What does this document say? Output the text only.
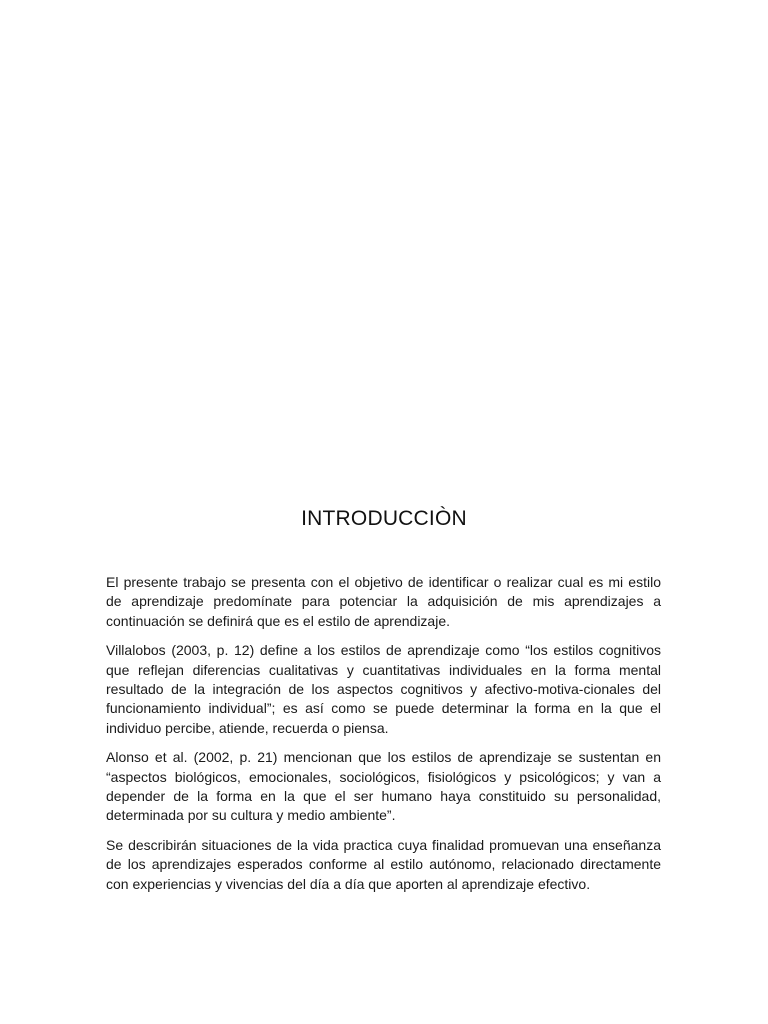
INTRODUCCIÒN

El presente trabajo se presenta con el objetivo de identificar o realizar cual es mi estilo de aprendizaje predomínate para potenciar la adquisición de mis aprendizajes a continuación se definirá que es el estilo de aprendizaje.

Villalobos (2003, p. 12) define a los estilos de aprendizaje como “los estilos cognitivos que reflejan diferencias cualitativas y cuantitativas individuales en la forma mental resultado de la integración de los aspectos cognitivos y afectivo-motiva-cionales del funcionamiento individual”; es así como se puede determinar la forma en la que el individuo percibe, atiende, recuerda o piensa.

Alonso et al. (2002, p. 21) mencionan que los estilos de aprendizaje se sustentan en “aspectos biológicos, emocionales, sociológicos, fisiológicos y psicológicos; y van a depender de la forma en la que el ser humano haya constituido su personalidad, determinada por su cultura y medio ambiente”.

Se describirán situaciones de la vida practica cuya finalidad promuevan una enseñanza de los aprendizajes esperados conforme al estilo autónomo, relacionado directamente con experiencias y vivencias del día a día que aporten al aprendizaje efectivo.
